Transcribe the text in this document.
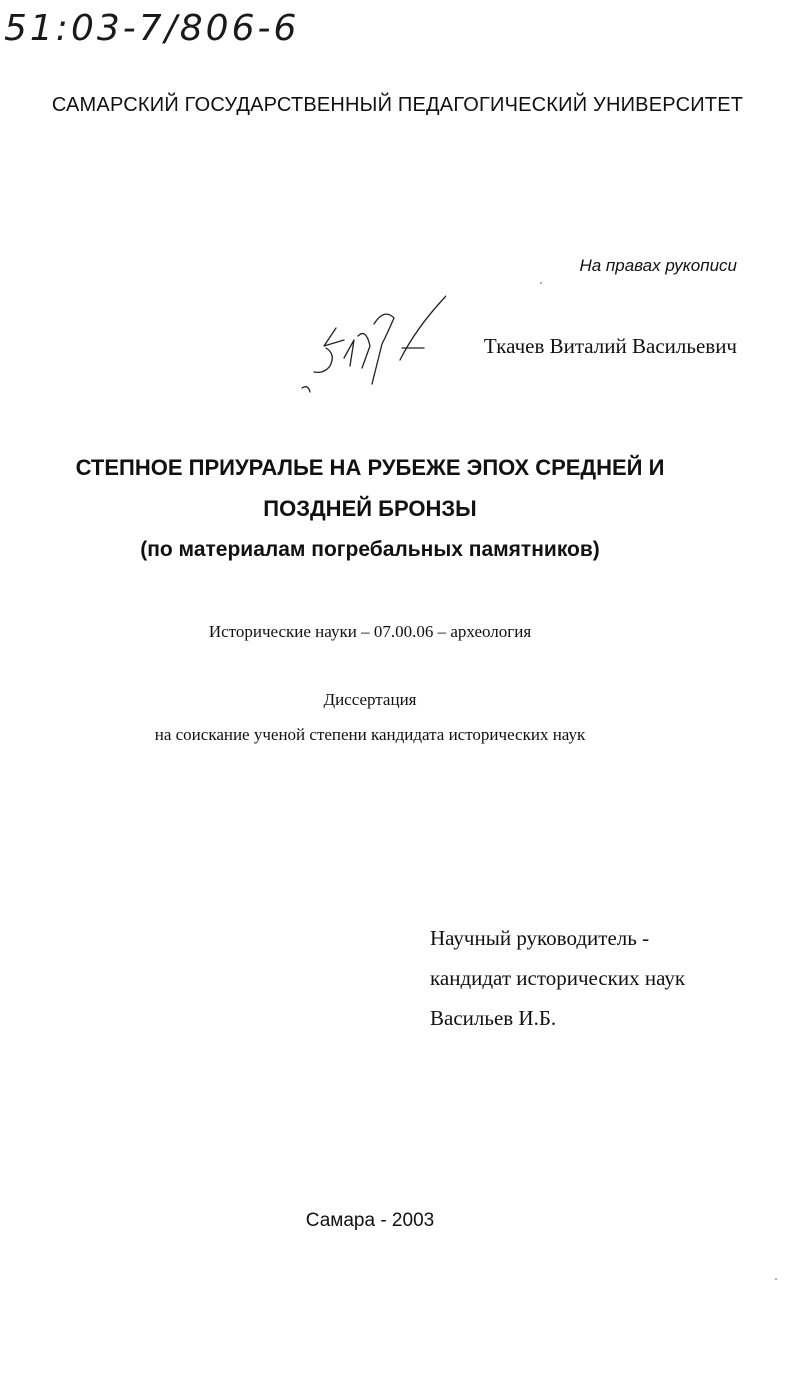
51:03-7/806-6
САМАРСКИЙ ГОСУДАРСТВЕННЫЙ ПЕДАГОГИЧЕСКИЙ УНИВЕРСИТЕТ
На правах рукописи
Ткачев Виталий Васильевич
СТЕПНОЕ ПРИУРАЛЬЕ НА РУБЕЖЕ ЭПОХ СРЕДНЕЙ И
ПОЗДНЕЙ БРОНЗЫ
(по материалам погребальных памятников)
Исторические науки – 07.00.06 – археология
Диссертация
на соискание ученой степени кандидата исторических наук
Научный руководитель -
кандидат исторических наук
Васильев И.Б.
Самара - 2003
